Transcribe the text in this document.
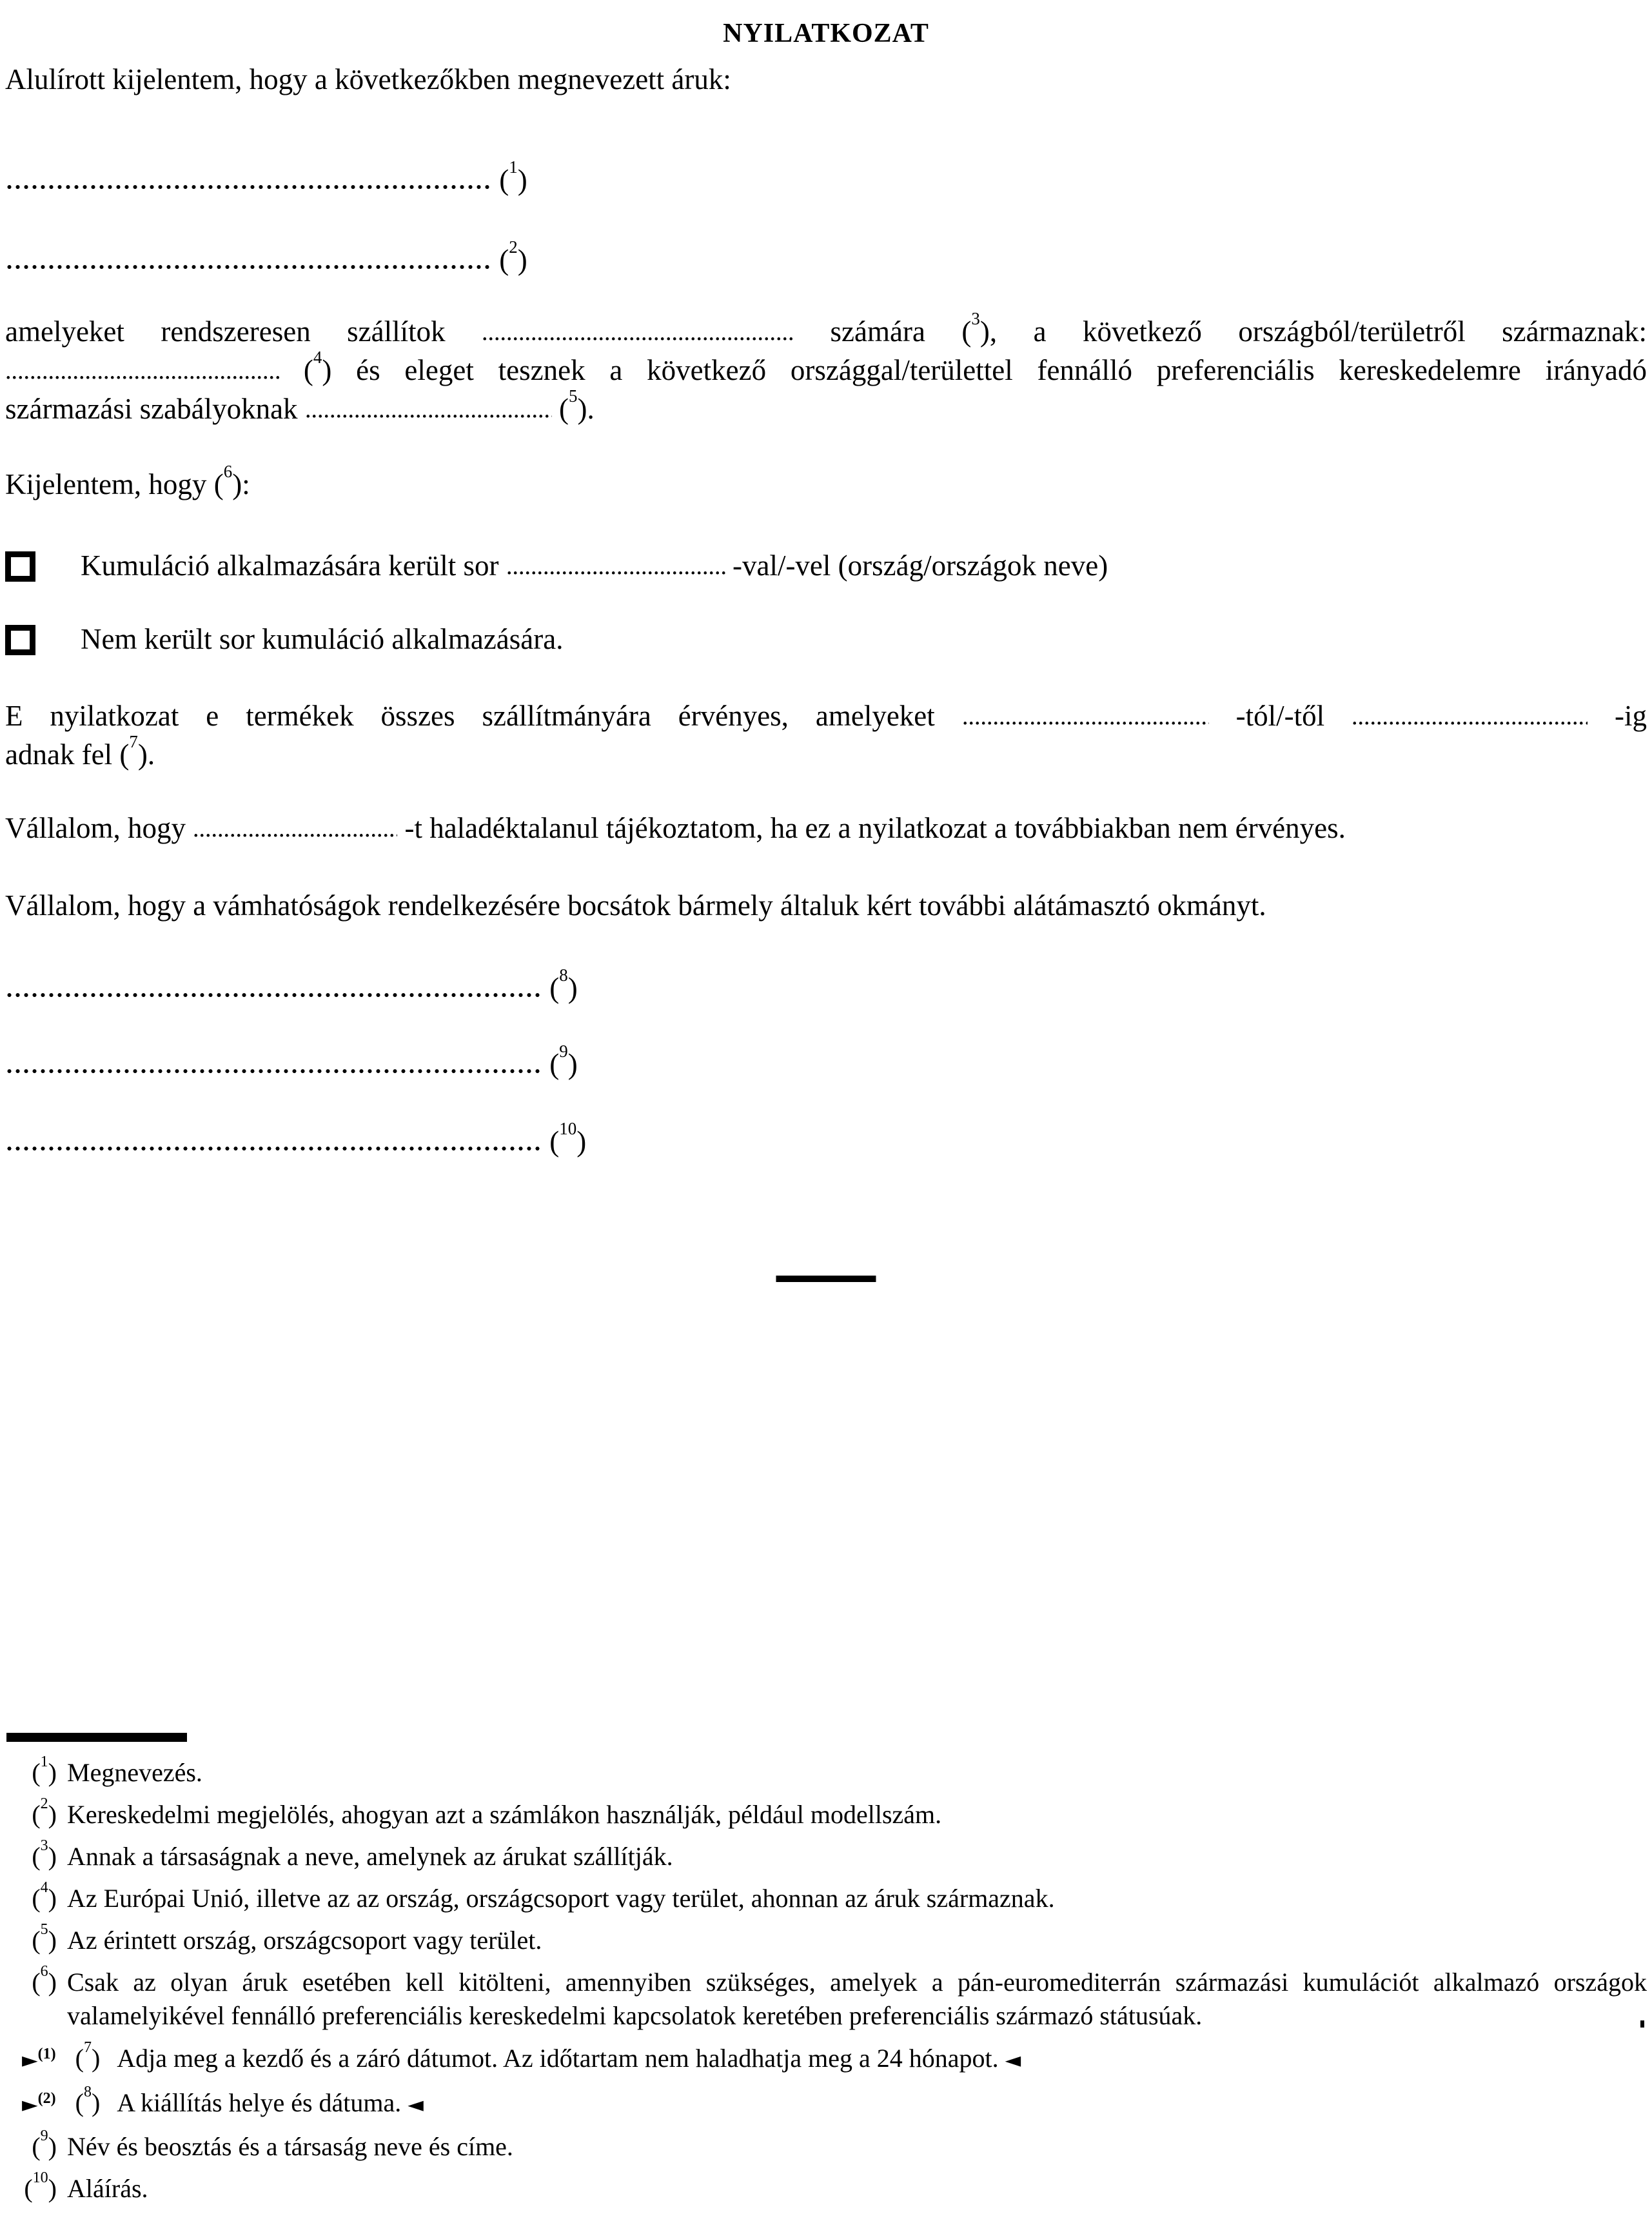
NYILATKOZAT
Alulírott kijelentem, hogy a következőkben megnevezett áruk:
($^1$)
($^2$)
amelyeket rendszeresen szállítok	számára ($^3$), a következő országból/területről származnak:
($^4$) és eleget tesznek a következő országgal/területtel fennálló preferenciális kereskedelemre irányadó
származási szabályoknak	($^5$).
Kijelentem, hogy ($^6$):
Kumuláció alkalmazására került sor	-val/-vel (ország/országok neve)
Nem került sor kumuláció alkalmazására.
E nyilatkozat e termékek összes szállítmányára érvényes, amelyeket	-tól/-től	-ig
adnak fel ($^7$).
Vállalom, hogy	-t haladéktalanul tájékoztatom, ha ez a nyilatkozat a továbbiakban nem érvényes.
Vállalom, hogy a vámhatóságok rendelkezésére bocsátok bármely általuk kért további alátámasztó okmányt.
($^8$)
($^9$)
($^{10}$)
($^1$) Megnevezés.
($^2$) Kereskedelmi megjelölés, ahogyan azt a számlákon használják, például modellszám.
($^3$) Annak a társaságnak a neve, amelynek az árukat szállítják.
($^4$) Az Európai Unió, illetve az az ország, országcsoport vagy terület, ahonnan az áruk származnak.
($^5$) Az érintett ország, országcsoport vagy terület.
($^6$) Csak az olyan áruk esetében kell kitölteni, amennyiben szükséges, amelyek a pán-euromediterrán származási kumulációt alkalmazó országok valamelyikével fennálló preferenciális kereskedelmi kapcsolatok keretében preferenciális származó státusúak.
►$^{(1)}$ ($^7$) Adja meg a kezdő és a záró dátumot. Az időtartam nem haladhatja meg a 24 hónapot. ◄
►$^{(2)}$ ($^8$) A kiállítás helye és dátuma. ◄
($^9$) Név és beosztás és a társaság neve és címe.
($^{10}$) Aláírás.
